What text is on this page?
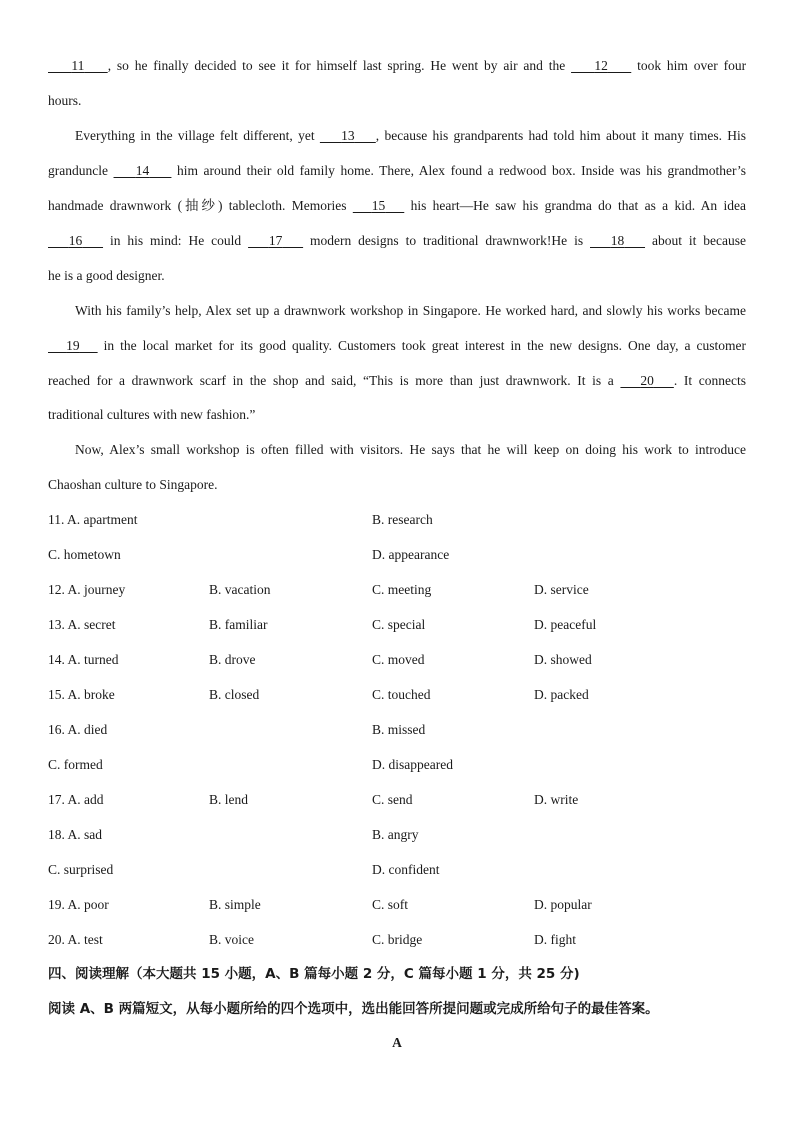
11 , so he finally decided to see it for himself last spring. He went by air and the     12     took him over four
hours.
Everything in the village felt different, yet     13 , because his grandparents had told him about it many times. His
granduncle     14     him around their old family home. There, Alex found a redwood box. Inside was his grandmother’s
handmade drawnwork (抽纱) tablecloth. Memories    15    his heart—He saw his grandma do that as a kid. An idea
16    in his mind: He could    17    modern designs to traditional drawnwork!He is    18    about it because
he is a good designer.
With his family’s help, Alex set up a drawnwork workshop in Singapore. He worked hard, and slowly his works became
19    in the local market for its good quality. Customers took great interest in the new designs. One day, a customer
reached for a drawnwork scarf in the shop and said, “This is more than just drawnwork. It is a    20 . It connects
traditional cultures with new fashion.”
Now, Alex’s small workshop is often filled with visitors. He says that he will keep on doing his work to introduce
Chaoshan culture to Singapore.
11. A. apartment	B. research
C. hometown	D. appearance
12. A. journey	B. vacation	C. meeting	D. service
13. A. secret	B. familiar	C. special	D. peaceful
14. A. turned	B. drove	C. moved	D. showed
15. A. broke	B. closed	C. touched	D. packed
16. A. died	B. missed
C. formed	D. disappeared
17. A. add	B. lend	C. send	D. write
18. A. sad	B. angry
C. surprised	D. confident
19. A. poor	B. simple	C. soft	D. popular
20. A. test	B. voice	C. bridge	D. fight
四、阅读理解（本大题共 15 小题，A、B 篇每小题 2 分，C 篇每小题 1 分，共 25 分)
阅读 A、B 两篇短文，从每小题所给的四个选项中，选出能回答所提问题或完成所给句子的最佳答案。
A
